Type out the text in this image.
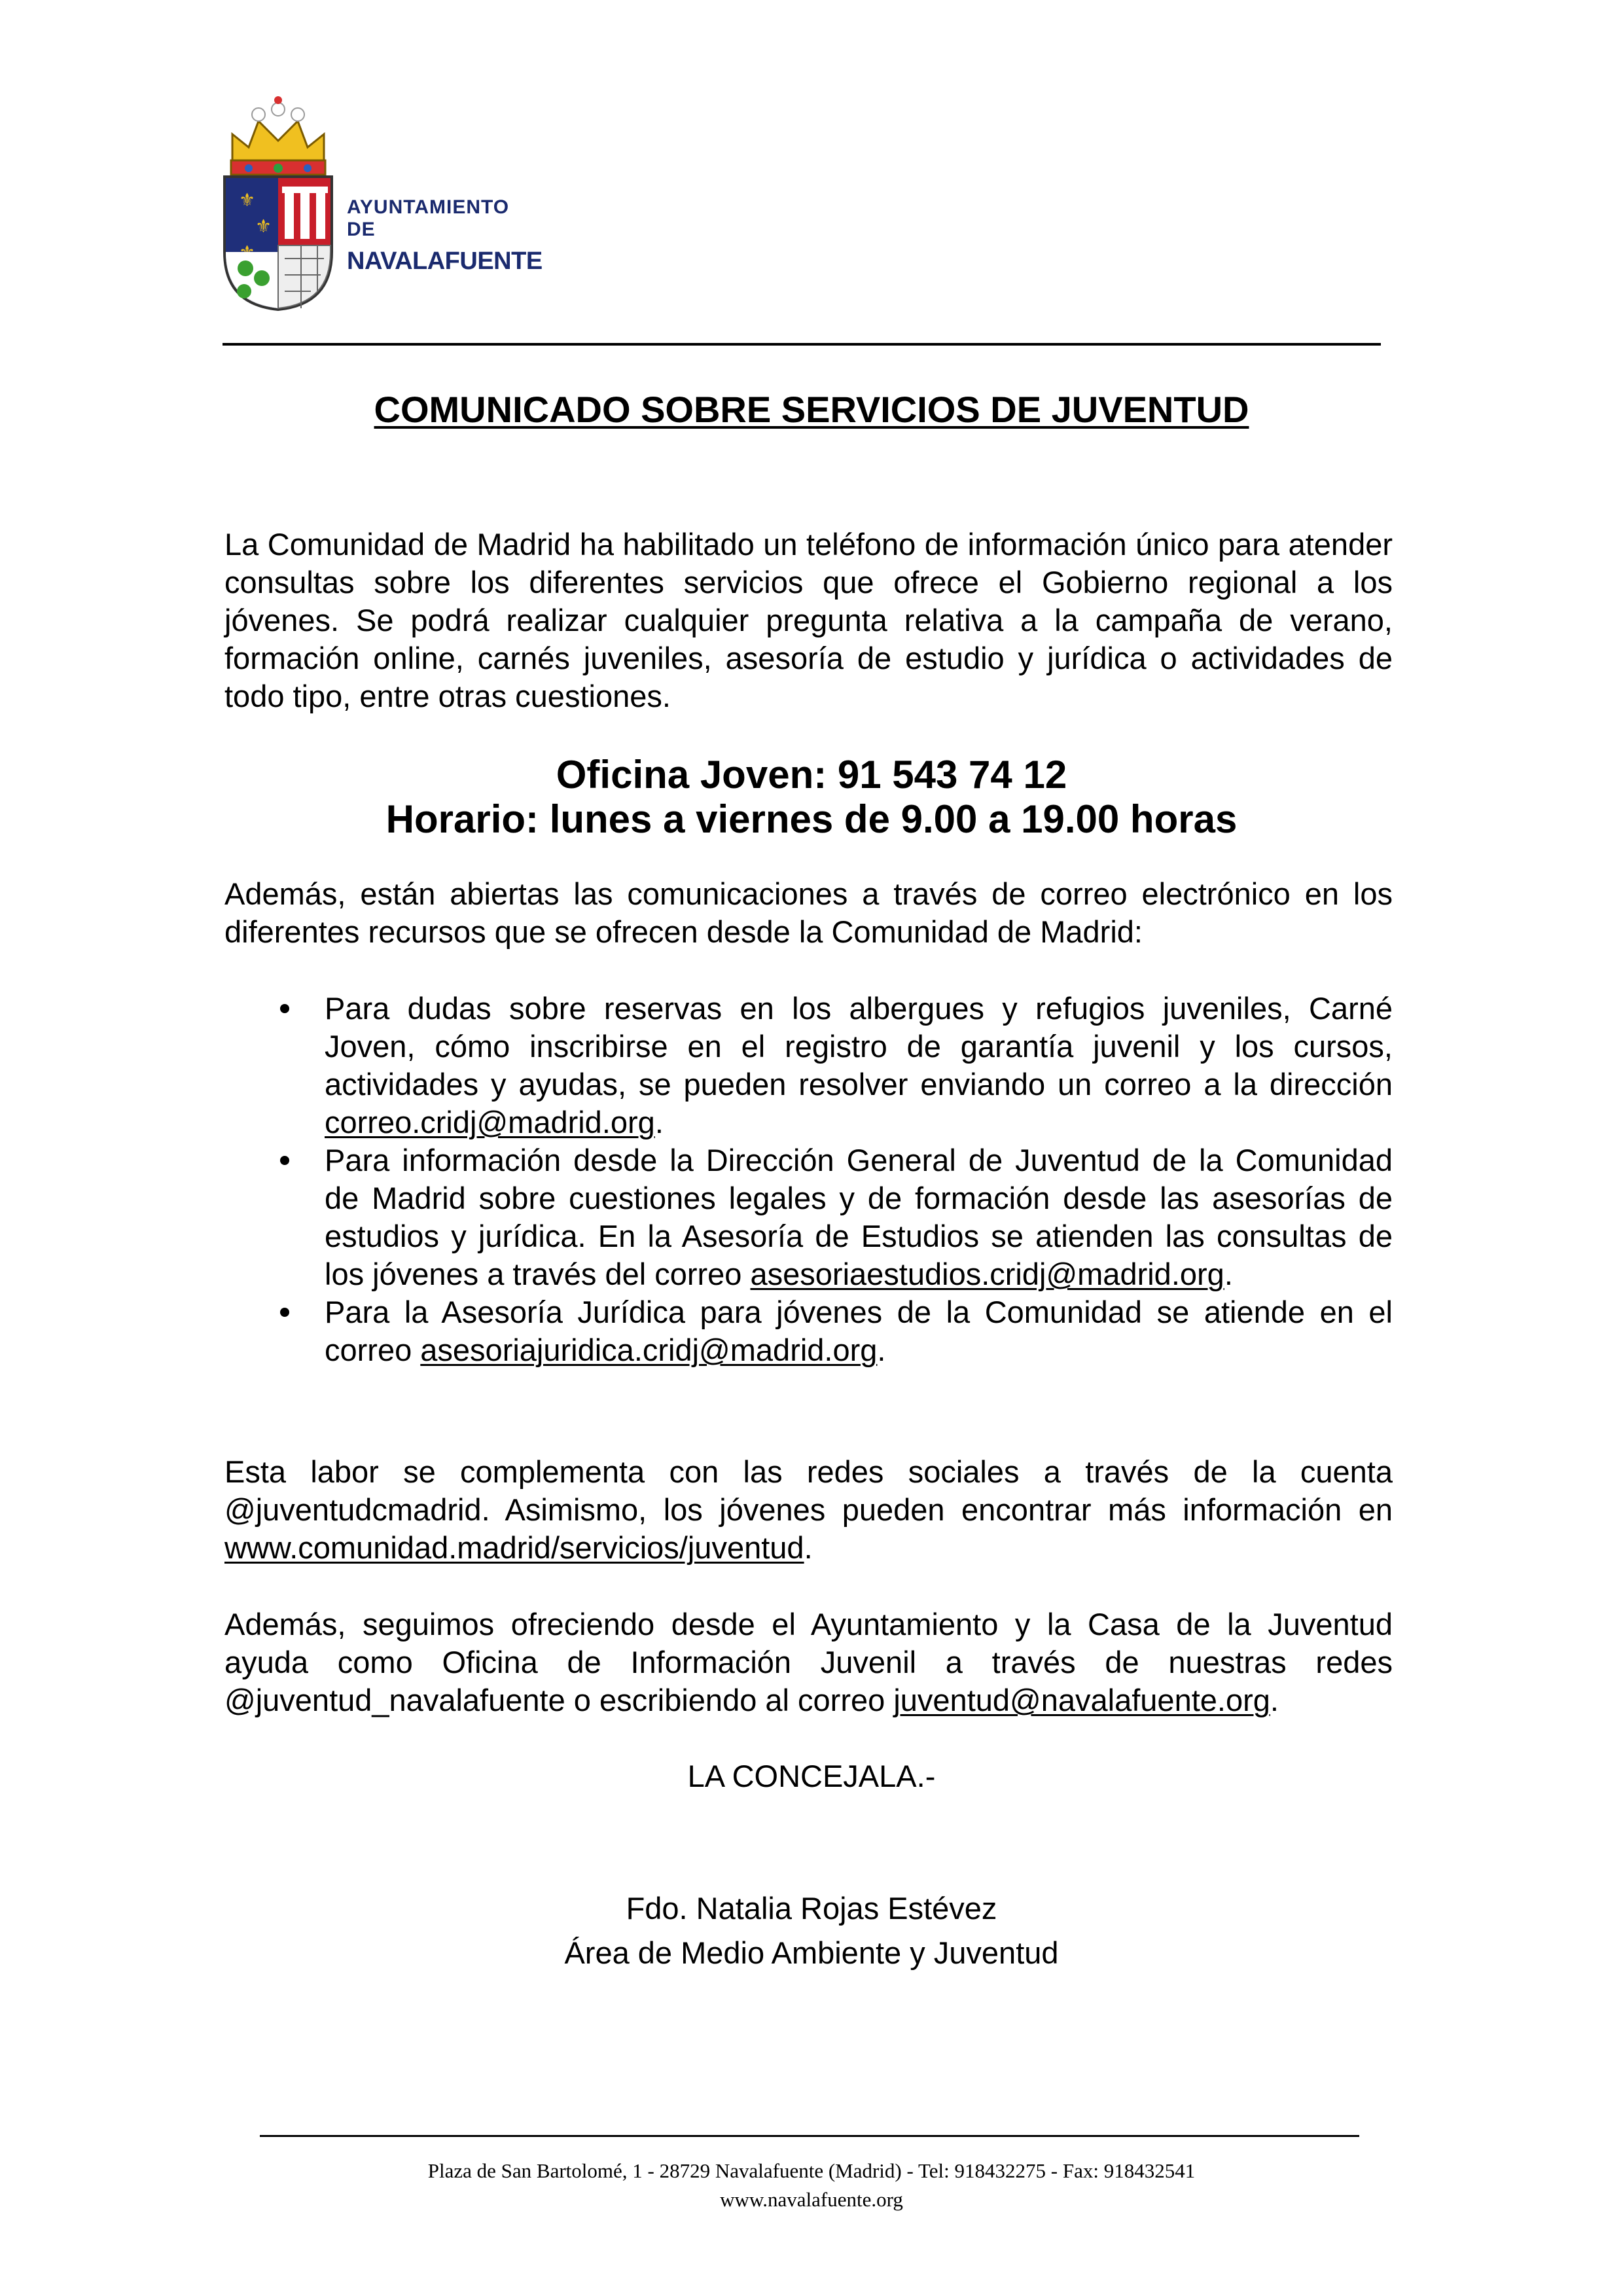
⚜
⚜
AYUNTAMIENTO DE
NAVALAFUENTE
COMUNICADO SOBRE SERVICIOS DE JUVENTUD

La Comunidad de Madrid ha habilitado un teléfono de información único para atender consultas sobre los diferentes servicios que ofrece el Gobierno regional a los jóvenes. Se podrá realizar cualquier pregunta relativa a la campaña de verano, formación online, carnés juveniles, asesoría de estudio y jurídica o actividades de todo tipo, entre otras cuestiones.

Oficina Joven: 91 543 74 12
Horario: lunes a viernes de 9.00 a 19.00 horas

Además, están abiertas las comunicaciones a través de correo electrónico en los diferentes recursos que se ofrecen desde la Comunidad de Madrid:

Para dudas sobre reservas en los albergues y refugios juveniles, Carné Joven, cómo inscribirse en el registro de garantía juvenil y los cursos, actividades y ayudas, se pueden resolver enviando un correo a la dirección correo.cridj@madrid.org.
Para información desde la Dirección General de Juventud de la Comunidad de Madrid sobre cuestiones legales y de formación desde las asesorías de estudios y jurídica. En la Asesoría de Estudios se atienden las consultas de los jóvenes a través del correo asesoriaestudios.cridj@madrid.org.
Para la Asesoría Jurídica para jóvenes de la Comunidad se atiende en el correo asesoriajuridica.cridj@madrid.org.

Esta labor se complementa con las redes sociales a través de la cuenta @juventudcmadrid. Asimismo, los jóvenes pueden encontrar más información en www.comunidad.madrid/servicios/juventud.

Además, seguimos ofreciendo desde el Ayuntamiento y la Casa de la Juventud ayuda como Oficina de Información Juvenil a través de nuestras redes @juventud_navalafuente o escribiendo al correo juventud@navalafuente.org.

LA CONCEJALA.-
Fdo. Natalia Rojas Estévez
Área de Medio Ambiente y Juventud
Plaza de San Bartolomé, 1 - 28729 Navalafuente (Madrid) - Tel: 918432275 - Fax: 918432541
www.navalafuente.org
